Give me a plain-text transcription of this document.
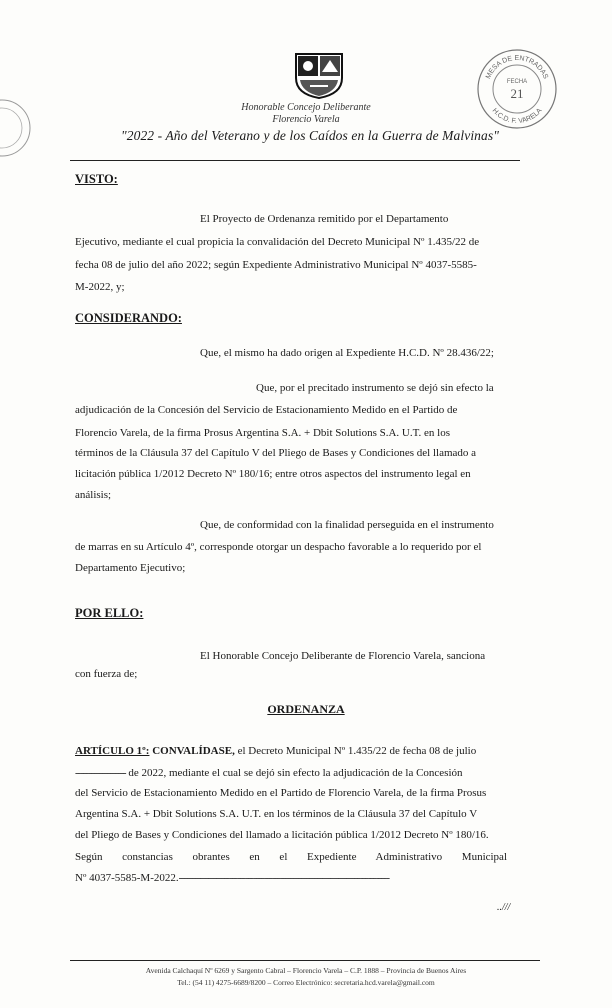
Honorable Concejo Deliberante
Florencio Varela
"2022 - Año del Veterano y de los Caídos en la Guerra de Malvinas"
MESA DE ENTRADAS
H.C.D. F. VARELA
FECHA
21
VISTO:
El Proyecto de Ordenanza remitido por el Departamento
Ejecutivo, mediante el cual propicia la convalidación del Decreto Municipal Nº 1.435/22 de
fecha 08 de julio del año 2022; según Expediente Administrativo Municipal Nº 4037-5585-
M-2022, y;
CONSIDERANDO:
Que, el mismo ha dado origen al Expediente H.C.D. Nº 28.436/22;
Que, por el precitado instrumento se dejó sin efecto la
adjudicación de la Concesión del Servicio de Estacionamiento Medido en el Partido de
Florencio Varela, de la firma Prosus Argentina S.A. + Dbit Solutions S.A. U.T. en los
términos de la Cláusula 37 del Capítulo V del Pliego de Bases y Condiciones del llamado a
licitación pública 1/2012 Decreto Nº 180/16; entre otros aspectos del instrumento legal en
análisis;
Que, de conformidad con la finalidad perseguida en el instrumento
de marras en su Artículo 4º, corresponde otorgar un despacho favorable a lo requerido por el
Departamento Ejecutivo;
POR ELLO:
El Honorable Concejo Deliberante de Florencio Varela, sanciona
con fuerza de;
ORDENANZA
ARTÍCULO 1º: CONVALÍDASE, el Decreto Municipal Nº 1.435/22 de fecha 08 de julio
------------------- de 2022, mediante el cual se dejó sin efecto la adjudicación de la Concesión
del Servicio de Estacionamiento Medido en el Partido de Florencio Varela, de la firma Prosus
Argentina S.A. + Dbit Solutions S.A. U.T. en los términos de la Cláusula 37 del Capítulo V
del Pliego de Bases y Condiciones del llamado a licitación pública 1/2012 Decreto Nº 180/16.
Según constancias obrantes en el Expediente Administrativo Municipal
Nº 4037-5585-M-2022.-------------------------------------------------------------------------------
..///
Avenida Calchaquí Nº 6269 y Sargento Cabral – Florencio Varela – C.P. 1888 – Provincia de Buenos Aires
Tel.: (54 11) 4275-6689/8200 – Correo Electrónico: secretaria.hcd.varela@gmail.com
